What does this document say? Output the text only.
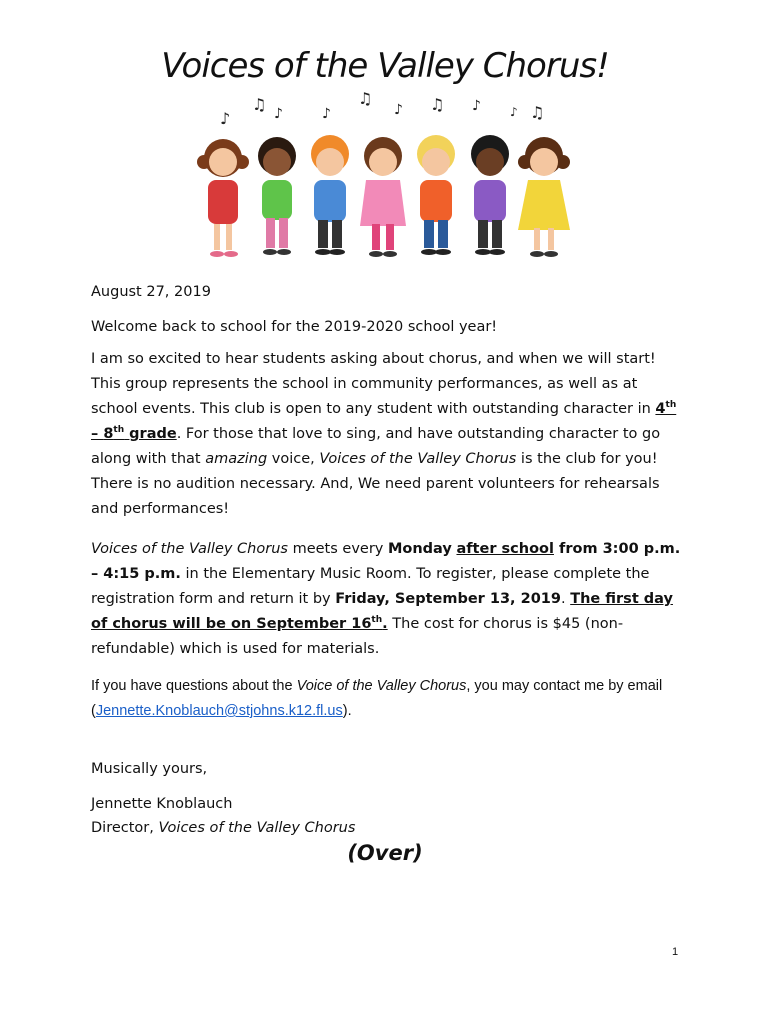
Voices of the Valley Chorus!
♪
♫ ♪	♪
♫
♪ ♫ ♪ ♪ ♫
August 27, 2019
Welcome back to school for the 2019-2020 school year!
I am so excited to hear students asking about chorus, and when we will start! This group represents the school in community performances, as well as at school events. This club is open to any student with outstanding character in 4th – 8th grade. For those that love to sing, and have outstanding character to go along with that amazing voice, Voices of the Valley Chorus is the club for you! There is no audition necessary. And, We need parent volunteers for rehearsals and performances!
Voices of the Valley Chorus meets every Monday after school from 3:00 p.m. – 4:15 p.m. in the Elementary Music Room. To register, please complete the registration form and return it by Friday, September 13, 2019. The first day of chorus will be on September 16th. The cost for chorus is $45 (non-refundable) which is used for materials.
If you have questions about the Voice of the Valley Chorus, you may contact me by email (Jennette.Knoblauch@stjohns.k12.fl.us).
Musically yours,
Jennette Knoblauch
Director, Voices of the Valley Chorus
(Over)
1
